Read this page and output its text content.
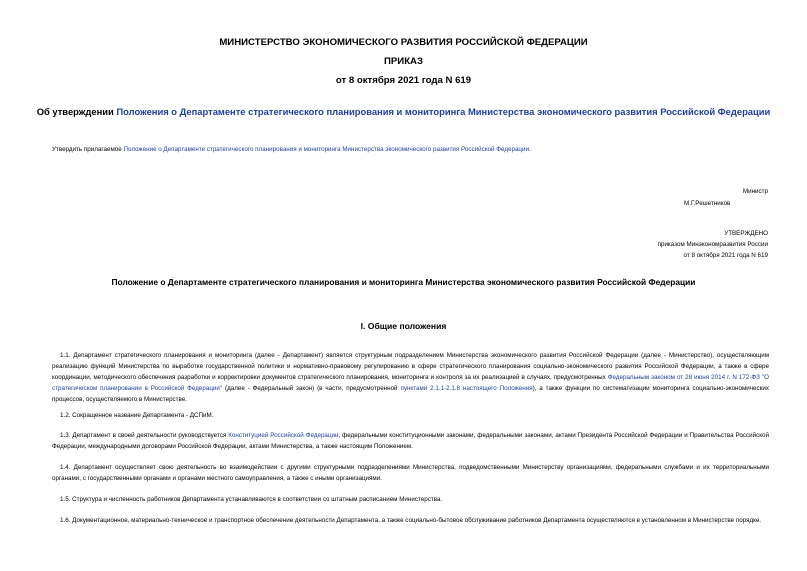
МИНИСТЕРСТВО ЭКОНОМИЧЕСКОГО РАЗВИТИЯ РОССИЙСКОЙ ФЕДЕРАЦИИ
ПРИКАЗ
от 8 октября 2021 года N 619
Об утверждении Положения о Департаменте стратегического планирования и мониторинга Министерства экономического развития Российской Федерации
Утвердить прилагаемое Положение о Департаменте стратегического планирования и мониторинга Министерства экономического развития Российской Федерации.
Министр
М.Г.Решетников
УТВЕРЖДЕНО
приказом Минэкономразвития России
от 8 октября 2021 года N 619
Положение о Департаменте стратегического планирования и мониторинга Министерства экономического развития Российской Федерации
I. Общие положения
1.1. Департамент стратегического планирования и мониторинга (далее - Департамент) является структурным подразделением Министерства экономического развития Российской Федерации (далее - Министерство), осуществляющим реализацию функций Министерства по выработке государственной политики и нормативно-правовому регулированию в сфере стратегического планирования социально-экономического развития Российской Федерации, а также в сфере координации, методического обеспечения разработки и корректировки документов стратегического планирования, мониторинга и контроля за их реализацией в случаях, предусмотренных Федеральным законом от 28 июня 2014 г. N 172-ФЗ "О стратегическом планировании в Российской Федерации" (далее - Федеральный закон) (в части, предусмотренной пунктами 2.1.1-2.1.8 настоящего Положения), а также функции по систематизации мониторинга социально-экономических процессов, осуществляемого в Министерстве.
1.2. Сокращенное название Департамента - ДСПиМ.
1.3. Департамент в своей деятельности руководствуется Конституцией Российской Федерации, федеральными конституционными законами, федеральными законами, актами Президента Российской Федерации и Правительства Российской Федерации, международными договорами Российской Федерации, актами Министерства, а также настоящим Положением.
1.4. Департамент осуществляет свою деятельность во взаимодействии с другими структурными подразделениями Министерства, подведомственными Министерству организациями, федеральными службами и их территориальными органами, с государственными органами и органами местного самоуправления, а также с иными организациями.
1.5. Структура и численность работников Департамента устанавливаются в соответствии со штатным расписанием Министерства.
1.6. Документационное, материально-техническое и транспортное обеспечение деятельности Департамента, а также социально-бытовое обслуживание работников Департамента осуществляются в установленном в Министерстве порядке.
